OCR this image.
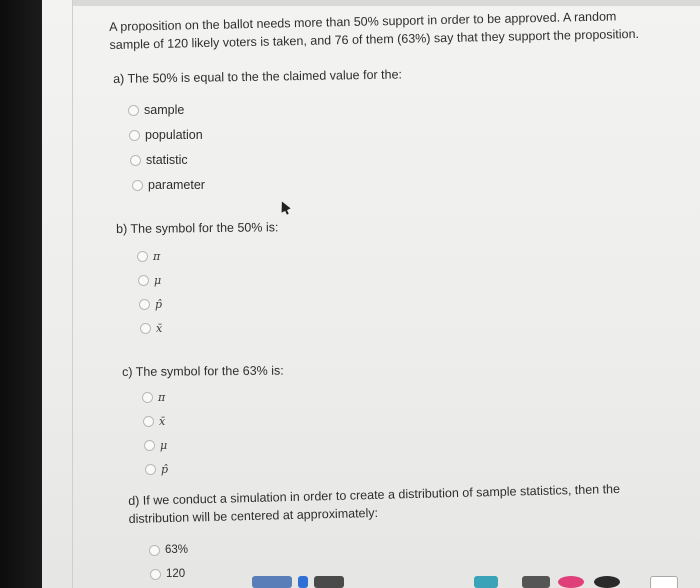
A proposition on the ballot needs more than 50% support in order to be approved. A random
sample of 120 likely voters is taken, and 76 of them (63%) say that they support the proposition.
a) The 50% is equal to the the claimed value for the:
sample
population
statistic
parameter
b) The symbol for the 50% is:
π
μ
p̂
x̄
c) The symbol for the 63% is:
π
x̄
μ
p̂
d) If we conduct a simulation in order to create a distribution of sample statistics, then the
distribution will be centered at approximately:
63%
120
